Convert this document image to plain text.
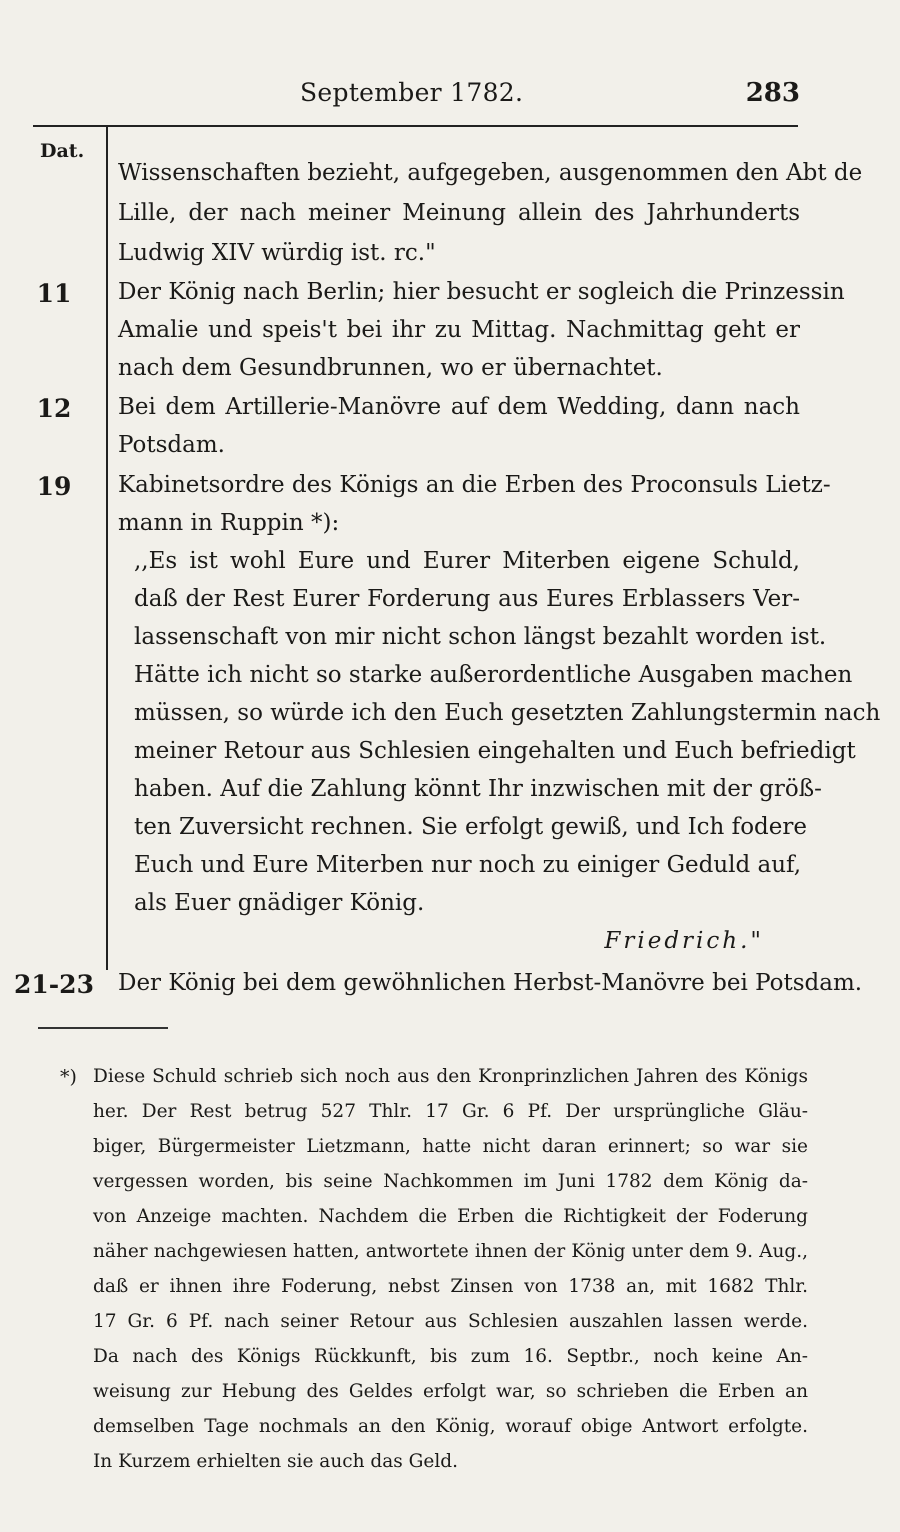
September 1782.	283
Dat.
Wissenschaften bezieht, aufgegeben, ausgenommen den Abt de
Lille, der nach meiner Meinung allein des Jahrhunderts
Ludwig XIV würdig ist. rc."
11	Der König nach Berlin; hier besucht er sogleich die Prinzessin
Amalie und speis't bei ihr zu Mittag. Nachmittag geht er
nach dem Gesundbrunnen, wo er übernachtet.
12	Bei dem Artillerie-Manövre auf dem Wedding, dann nach
Potsdam.
19	Kabinetsordre des Königs an die Erben des Proconsuls Lietz-
mann in Ruppin *):
,,Es ist wohl Eure und Eurer Miterben eigene Schuld,
daß der Rest Eurer Forderung aus Eures Erblassers Ver-
lassenschaft von mir nicht schon längst bezahlt worden ist.
Hätte ich nicht so starke außerordentliche Ausgaben machen
müssen, so würde ich den Euch gesetzten Zahlungstermin nach
meiner Retour aus Schlesien eingehalten und Euch befriedigt
haben. Auf die Zahlung könnt Ihr inzwischen mit der größ-
ten Zuversicht rechnen. Sie erfolgt gewiß, und Ich fodere
Euch und Eure Miterben nur noch zu einiger Geduld auf,
als Euer gnädiger König.
Friedrich."
21-23	Der König bei dem gewöhnlichen Herbst-Manövre bei Potsdam.
*) Diese Schuld schrieb sich noch aus den Kronprinzlichen Jahren des Königs
her. Der Rest betrug 527 Thlr. 17 Gr. 6 Pf. Der ursprüngliche Gläu-
biger, Bürgermeister Lietzmann, hatte nicht daran erinnert; so war sie
vergessen worden, bis seine Nachkommen im Juni 1782 dem König da-
von Anzeige machten. Nachdem die Erben die Richtigkeit der Foderung
näher nachgewiesen hatten, antwortete ihnen der König unter dem 9. Aug.,
daß er ihnen ihre Foderung, nebst Zinsen von 1738 an, mit 1682 Thlr.
17 Gr. 6 Pf. nach seiner Retour aus Schlesien auszahlen lassen werde.
Da nach des Königs Rückkunft, bis zum 16. Septbr., noch keine An-
weisung zur Hebung des Geldes erfolgt war, so schrieben die Erben an
demselben Tage nochmals an den König, worauf obige Antwort erfolgte.
In Kurzem erhielten sie auch das Geld.
